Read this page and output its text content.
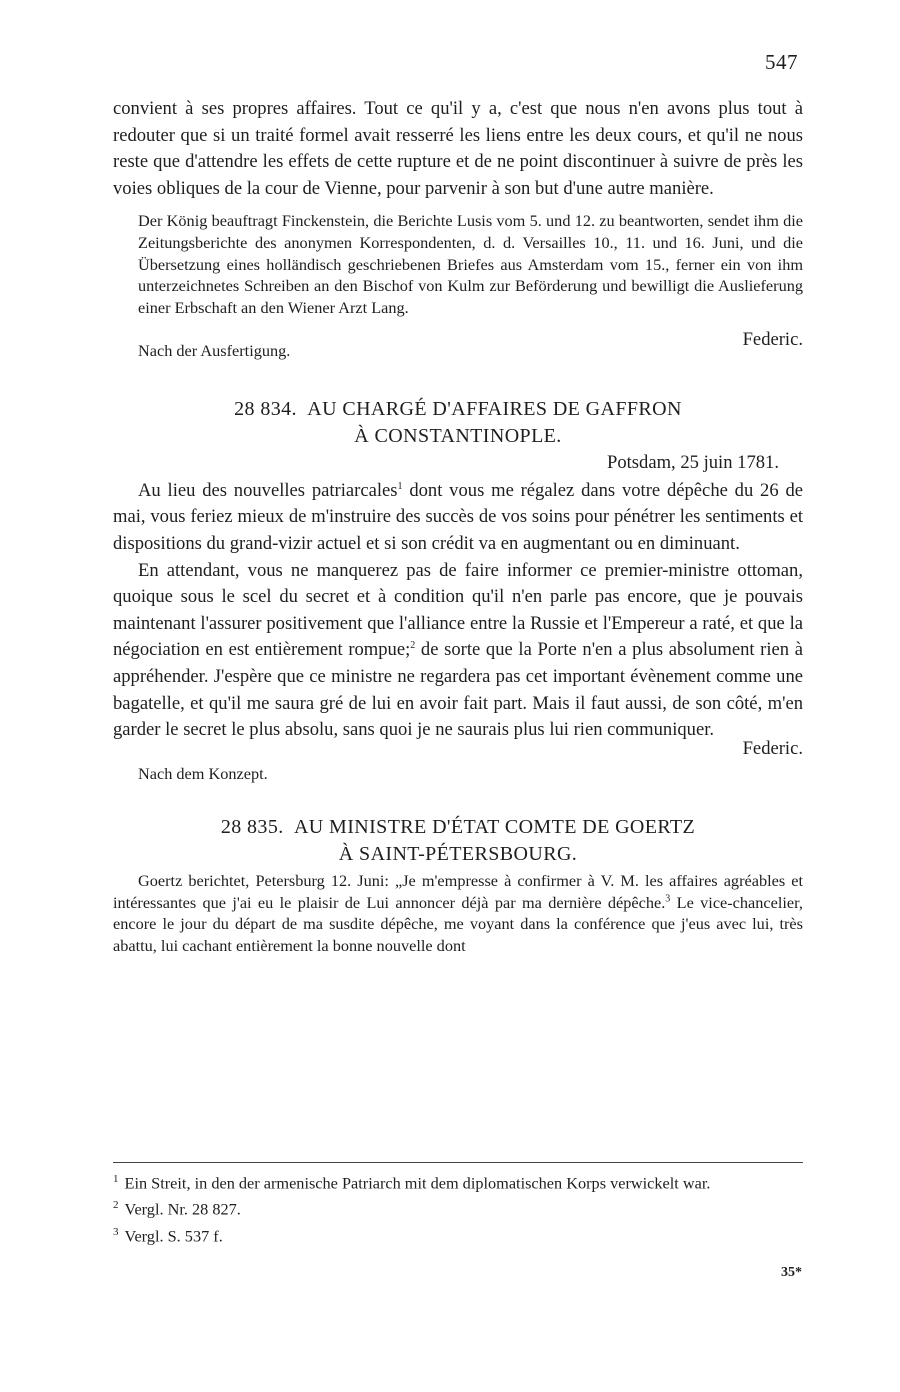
547

convient à ses propres affaires. Tout ce qu'il y a, c'est que nous n'en avons plus tout à redouter que si un traité formel avait resserré les liens entre les deux cours, et qu'il ne nous reste que d'attendre les effets de cette rupture et de ne point discontinuer à suivre de près les voies obliques de la cour de Vienne, pour parvenir à son but d'une autre manière.

Der König beauftragt Finckenstein, die Berichte Lusis vom 5. und 12. zu beantworten, sendet ihm die Zeitungsberichte des anonymen Korrespondenten, d. d. Versailles 10., 11. und 16. Juni, und die Übersetzung eines holländisch geschriebenen Briefes aus Amsterdam vom 15., ferner ein von ihm unterzeichnetes Schreiben an den Bischof von Kulm zur Beförderung und bewilligt die Auslieferung einer Erbschaft an den Wiener Arzt Lang.

Federic.

Nach der Ausfertigung.

28 834. AU CHARGÉ D'AFFAIRES DE GAFFRON

À CONSTANTINOPLE.

Potsdam, 25 juin 1781.

Au lieu des nouvelles patriarcales$^1$ dont vous me régalez dans votre dépêche du 26 de mai, vous feriez mieux de m'instruire des succès de vos soins pour pénétrer les sentiments et dispositions du grand-vizir actuel et si son crédit va en augmentant ou en diminuant.

En attendant, vous ne manquerez pas de faire informer ce premier-ministre ottoman, quoique sous le scel du secret et à condition qu'il n'en parle pas encore, que je pouvais maintenant l'assurer positivement que l'alliance entre la Russie et l'Empereur a raté, et que la négociation en est entièrement rompue;$^2$ de sorte que la Porte n'en a plus absolument rien à appréhender. J'espère que ce ministre ne regardera pas cet important évènement comme une bagatelle, et qu'il me saura gré de lui en avoir fait part. Mais il faut aussi, de son côté, m'en garder le secret le plus absolu, sans quoi je ne saurais plus lui rien communiquer.

Federic.

Nach dem Konzept.

28 835. AU MINISTRE D'ÉTAT COMTE DE GOERTZ

À SAINT-PÉTERSBOURG.

Goertz berichtet, Petersburg 12. Juni: „Je m'empresse à confirmer à V. M. les affaires agréables et intéressantes que j'ai eu le plaisir de Lui annoncer déjà par ma dernière dépêche.$^3$ Le vice-chancelier, encore le jour du départ de ma susdite dépêche, me voyant dans la conférence que j'eus avec lui, très abattu, lui cachant entièrement la bonne nouvelle dont

$^1$ Ein Streit, in den der armenische Patriarch mit dem diplomatischen Korps verwickelt war.

$^2$ Vergl. Nr. 28 827.

$^3$ Vergl. S. 537 f.

35*
